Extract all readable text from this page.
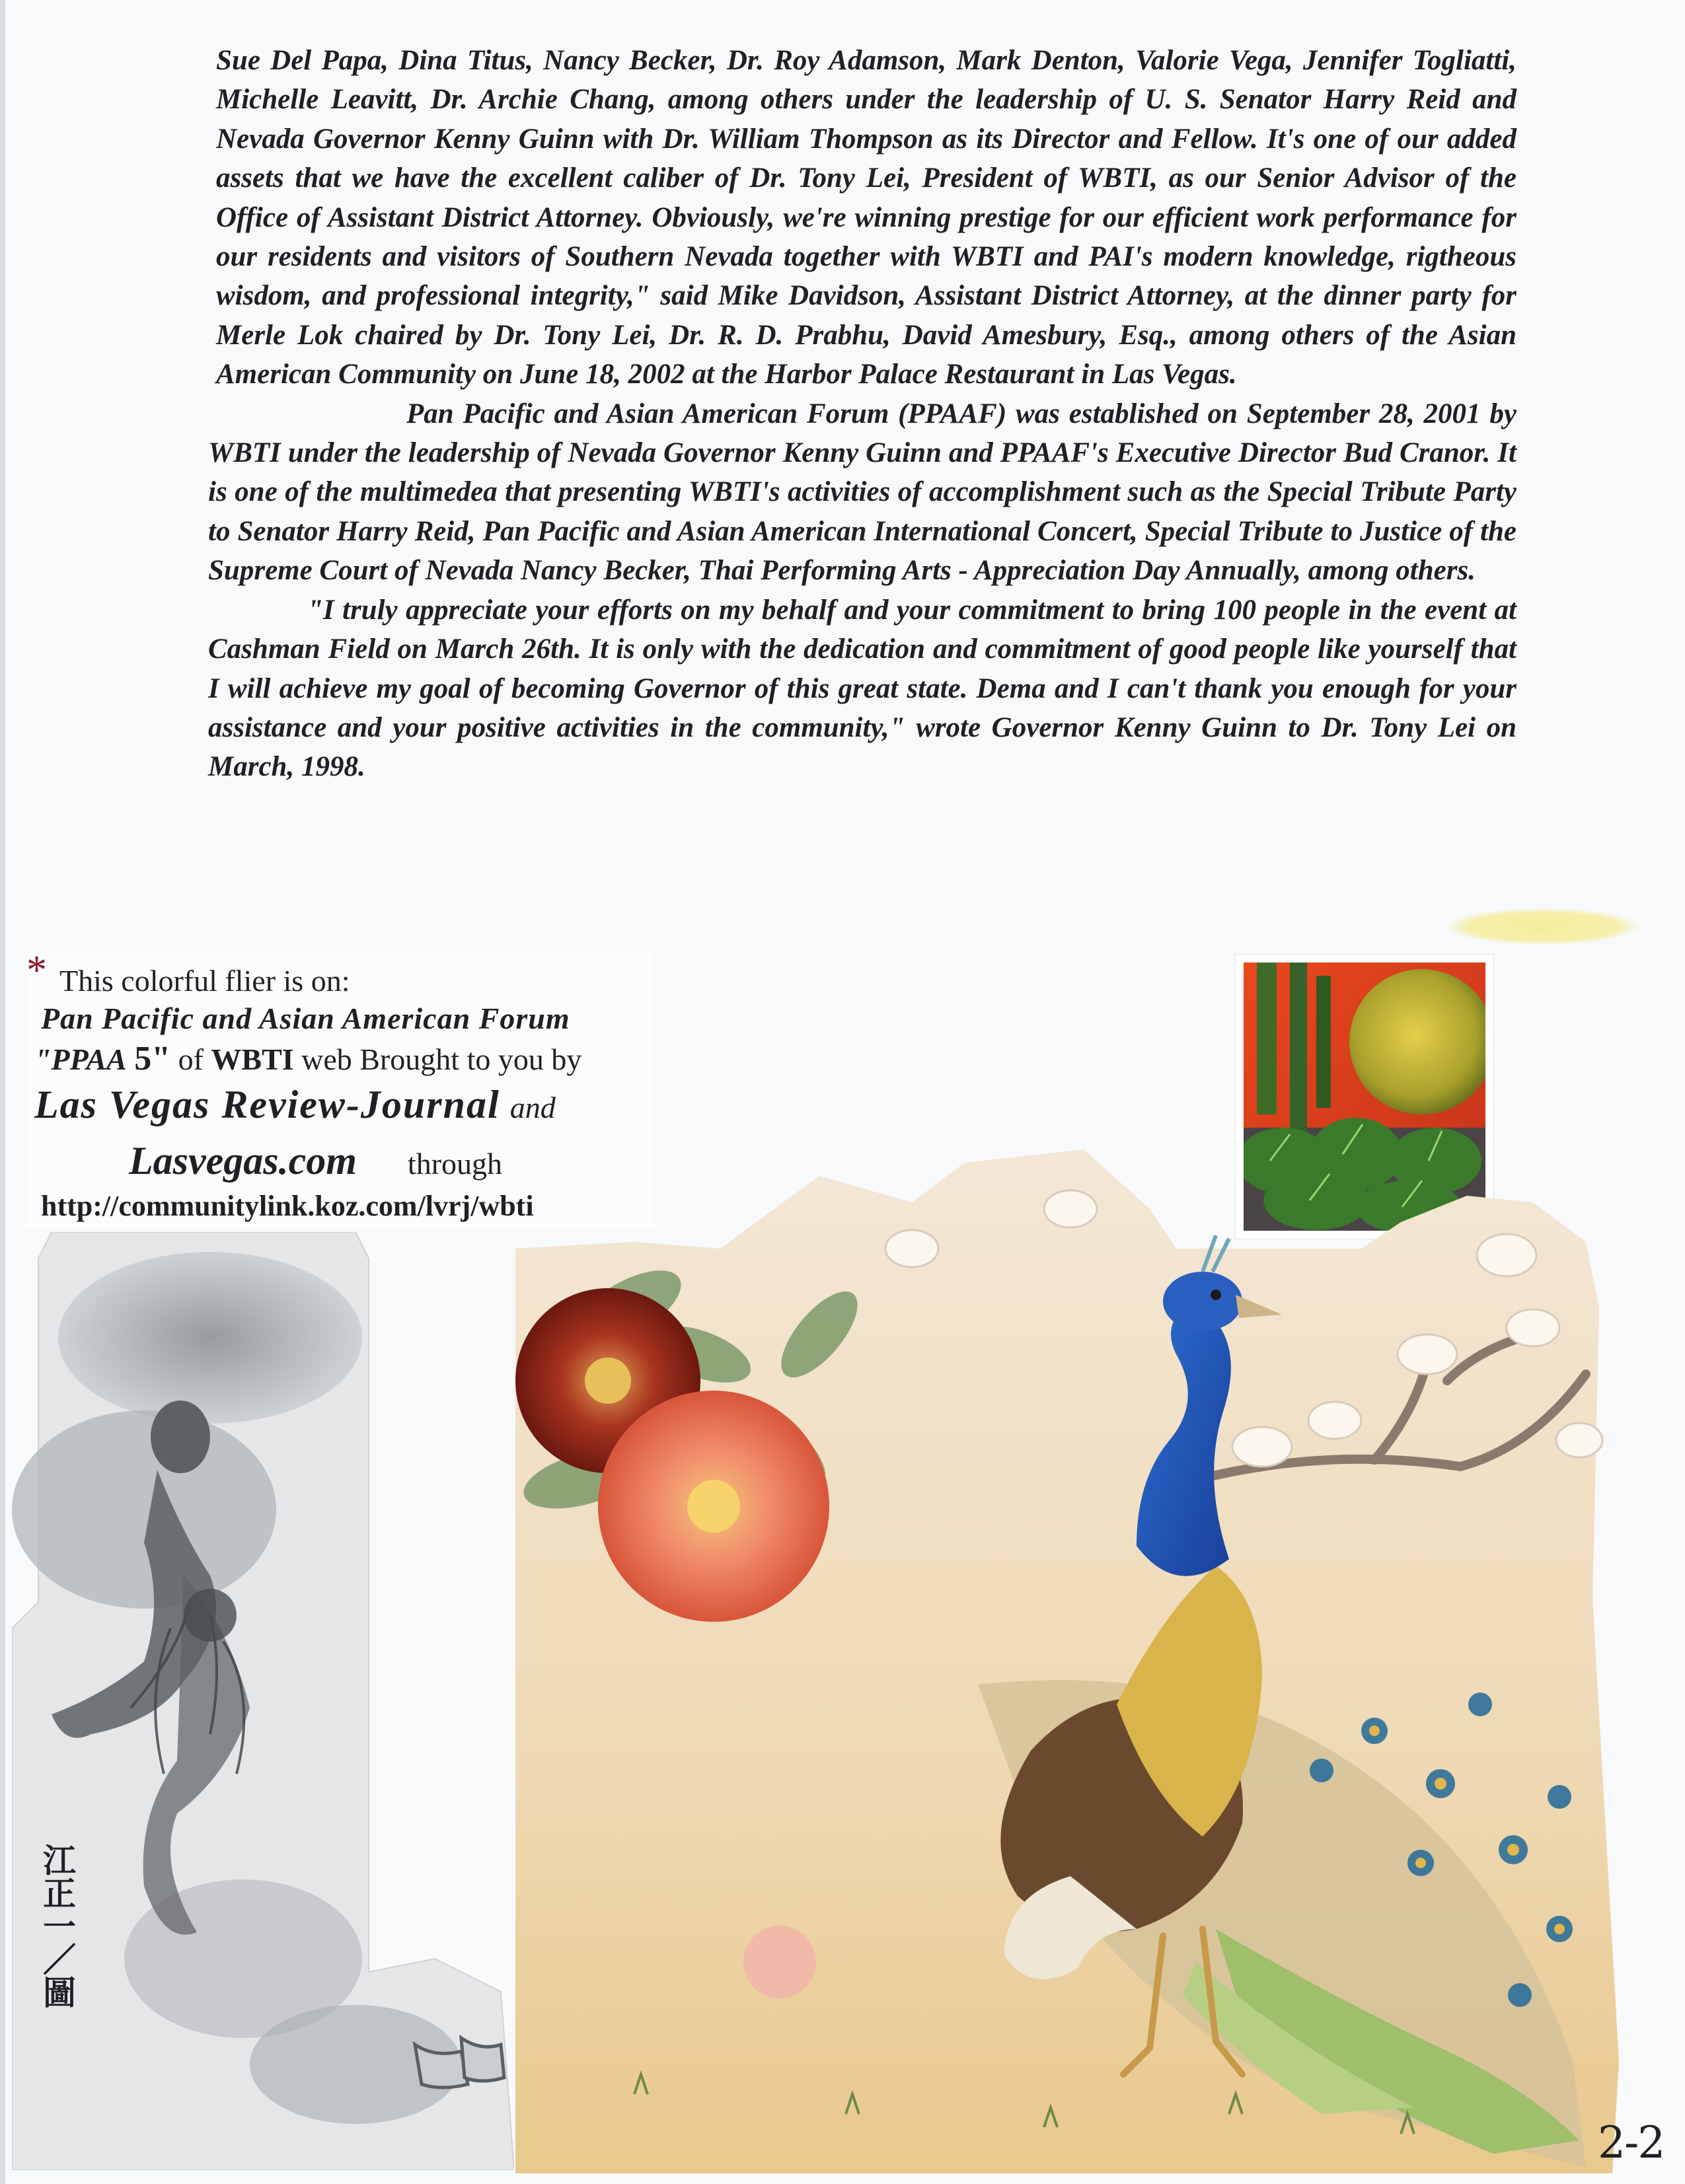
Sue Del Papa, Dina Titus, Nancy Becker, Dr. Roy Adamson, Mark Denton, Valorie Vega, Jennifer Togliatti, Michelle Leavitt, Dr. Archie Chang, among others under the leadership of U. S. Senator Harry Reid and Nevada Governor Kenny Guinn with Dr. William Thompson as its Director and Fellow. It's one of our added assets that we have the excellent caliber of Dr. Tony Lei, President of WBTI, as our Senior Advisor of the Office of Assistant District Attorney. Obviously, we're winning prestige for our efficient work performance for our residents and visitors of Southern Nevada together with WBTI and PAI's modern knowledge, rigtheous wisdom, and professional integrity," said Mike Davidson, Assistant District Attorney, at the dinner party for Merle Lok chaired by Dr. Tony Lei, Dr. R. D. Prabhu, David Amesbury, Esq., among others of the Asian American Community on June 18, 2002 at the Harbor Palace Restaurant in Las Vegas.

Pan Pacific and Asian American Forum (PPAAF) was established on September 28, 2001 by WBTI under the leadership of Nevada Governor Kenny Guinn and PPAAF's Executive Director Bud Cranor. It is one of the multimedea that presenting WBTI's activities of accomplishment such as the Special Tribute Party to Senator Harry Reid, Pan Pacific and Asian American International Concert, Special Tribute to Justice of the Supreme Court of Nevada Nancy Becker, Thai Performing Arts - Appreciation Day Annually, among others.

"I truly appreciate your efforts on my behalf and your commitment to bring 100 people in the event at Cashman Field on March 26th. It is only with the dedication and commitment of good people like yourself that I will achieve my goal of becoming Governor of this great state. Dema and I can't thank you enough for your assistance and your positive activities in the community," wrote Governor Kenny Guinn to Dr. Tony Lei on March, 1998.

* This colorful flier is on:
Pan Pacific and Asian American Forum
"PPAA 5" of WBTI web Brought to you by
Las Vegas Review-Journal and
Lasvegas.com through
http://communitylink.koz.com/lvrj/wbti
江正一／圖
2-2
